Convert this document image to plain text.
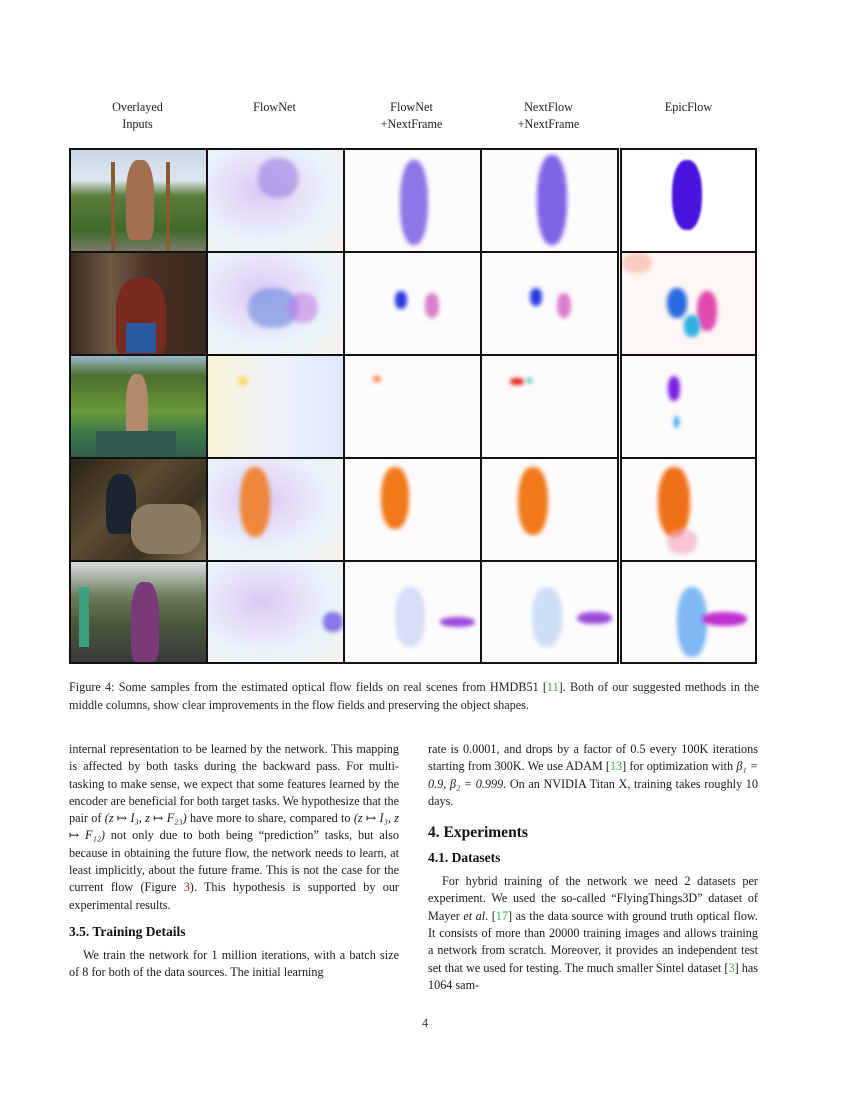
Overlayed
Inputs
FlowNet	FlowNet
+NextFrame
NextFlow
+NextFrame
EpicFlow
Figure 4: Some samples from the estimated optical flow fields on real scenes from HMDB51 [11]. Both of our suggested methods in the middle columns, show clear improvements in the flow fields and preserving the object shapes.

internal representation to be learned by the network. This mapping is affected by both tasks during the backward pass. For multi-tasking to make sense, we expect that some features learned by the encoder are beneficial for both target tasks. We hypothesize that the pair of (z ↦ I₃, z ↦ F₂₃) have more to share, compared to (z ↦ I₃, z ↦ F₁₂) not only due to both being “prediction” tasks, but also because in obtaining the future flow, the network needs to learn, at least implicitly, about the future frame. This is not the case for the current flow (Figure 3). This hypothesis is supported by our experimental results.

3.5. Training Details

We train the network for 1 million iterations, with a batch size of 8 for both of the data sources. The initial learning

rate is 0.0001, and drops by a factor of 0.5 every 100K iterations starting from 300K. We use ADAM [13] for optimization with β₁ = 0.9, β₂ = 0.999. On an NVIDIA Titan X, training takes roughly 10 days.

4. Experiments
4.1. Datasets

For hybrid training of the network we need 2 datasets per experiment. We used the so-called “FlyingThings3D” dataset of Mayer et al. [17] as the data source with ground truth optical flow. It consists of more than 20000 training images and allows training a network from scratch. Moreover, it provides an independent test set that we used for testing. The much smaller Sintel dataset [3] has 1064 sam-

4
